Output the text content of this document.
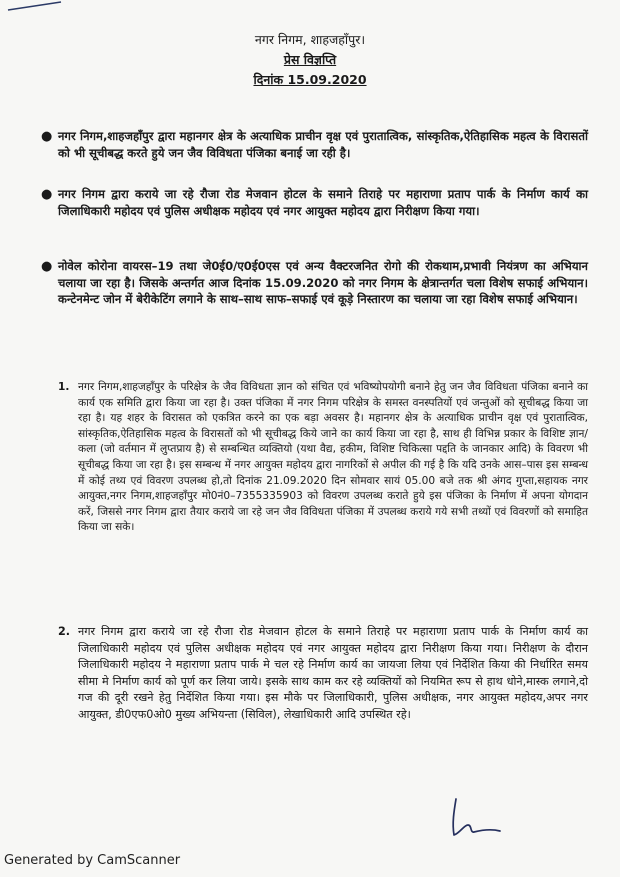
नगर निगम, शाहजहाँपुर।
प्रेस विज्ञप्ति
दिनांक 15.09.2020
● नगर निगम,शाहजहाँपुर द्वारा महानगर क्षेत्र के अत्याधिक प्राचीन वृक्ष एवं पुरातात्विक, सांस्कृतिक,ऐतिहासिक महत्व के विरासतों को भी सूचीबद्ध करते हुये जन जैव विविधता पंजिका बनाई जा रही है।
● नगर निगम द्वारा कराये जा रहे रौजा रोड मेजवान होटल के समाने तिराहे पर महाराणा प्रताप पार्क के निर्माण कार्य का जिलाधिकारी महोदय एवं पुलिस अधीक्षक महोदय एवं नगर आयुक्त महोदय द्वारा निरीक्षण किया गया।
● नोवेल कोरोना वायरस–19 तथा जे0ई0/ए0ई0एस एवं अन्य वैक्टरजनित रोगो की रोकथाम,प्रभावी नियंत्रण का अभियान चलाया जा रहा है। जिसके अन्तर्गत आज दिनांक 15.09.2020 को नगर निगम के क्षेत्रान्तर्गत चला विशेष सफाई अभियान। कन्टेनमेन्ट जोन में बेरीकेटिंग लगाने के साथ–साथ साफ–सफाई एवं कूड़े निस्तारण का चलाया जा रहा विशेष सफाई अभियान।
1. नगर निगम,शाहजहाँपुर के परिक्षेत्र के जैव विविधता ज्ञान को संचित एवं भविष्योपयोगी बनाने हेतु जन जैव विविधता पंजिका बनाने का कार्य एक समिति द्वारा किया जा रहा है। उक्त पंजिका में नगर निगम परिक्षेत्र के समस्त वनस्पतियों एवं जन्तुओं को सूचीबद्ध किया जा रहा है। यह शहर के विरासत को एकत्रित करने का एक बड़ा अवसर है। महानगर क्षेत्र के अत्याधिक प्राचीन वृक्ष एवं पुरातात्विक, सांस्कृतिक,ऐतिहासिक महत्व के विरासतों को भी सूचीबद्ध किये जाने का कार्य किया जा रहा है, साथ ही विभिन्न प्रकार के विशिष्ट ज्ञान/कला (जो वर्तमान में लुप्तप्राय है) से सम्बन्धित व्यक्तियो (यथा वैद्य, हकीम, विशिष्ट चिकित्सा पद्दति के जानकार आदि) के विवरण भी सूचीबद्ध किया जा रहा है। इस सम्बन्ध में नगर आयुक्त महोदय द्वारा नागरिकों से अपील की गई है कि यदि उनके आस–पास इस सम्बन्ध में कोई तथ्य एवं विवरण उपलब्ध हो,तो दिनांक 21.09.2020 दिन सोमवार सायं 05.00 बजे तक श्री अंगद गुप्ता,सहायक नगर आयुक्त,नगर निगम,शाहजहाँपुर मो0नं0–7355335903 को विवरण उपलब्ध कराते हुये इस पंजिका के निर्माण में अपना योगदान करें, जिससे नगर निगम द्वारा तैयार कराये जा रहे जन जैव विविधता पंजिका में उपलब्ध कराये गये सभी तथ्यों एवं विवरणों को समाहित किया जा सके।
2. नगर निगम द्वारा कराये जा रहे रौजा रोड मेजवान होटल के समाने तिराहे पर महाराणा प्रताप पार्क के निर्माण कार्य का जिलाधिकारी महोदय एवं पुलिस अधीक्षक महोदय एवं नगर आयुक्त महोदय द्वारा निरीक्षण किया गया। निरीक्षण के दौरान जिलाधिकारी महोदय ने महाराणा प्रताप पार्क मे चल रहे निर्माण कार्य का जायजा लिया एवं निर्देशित किया की निर्धारित समय सीमा मे निर्माण कार्य को पूर्ण कर लिया जाये। इसके साथ काम कर रहे व्यक्तियों को नियमित रूप से हाथ धोने,मास्क लगाने,दो गज की दूरी रखने हेतु निर्देशित किया गया। इस मौके पर जिलाधिकारी, पुलिस अधीक्षक, नगर आयुक्त महोदय,अपर नगर आयुक्त, डी0एफ0ओ0 मुख्य अभियन्ता (सिविल), लेखाधिकारी आदि उपस्थित रहे।
Generated by CamScanner
